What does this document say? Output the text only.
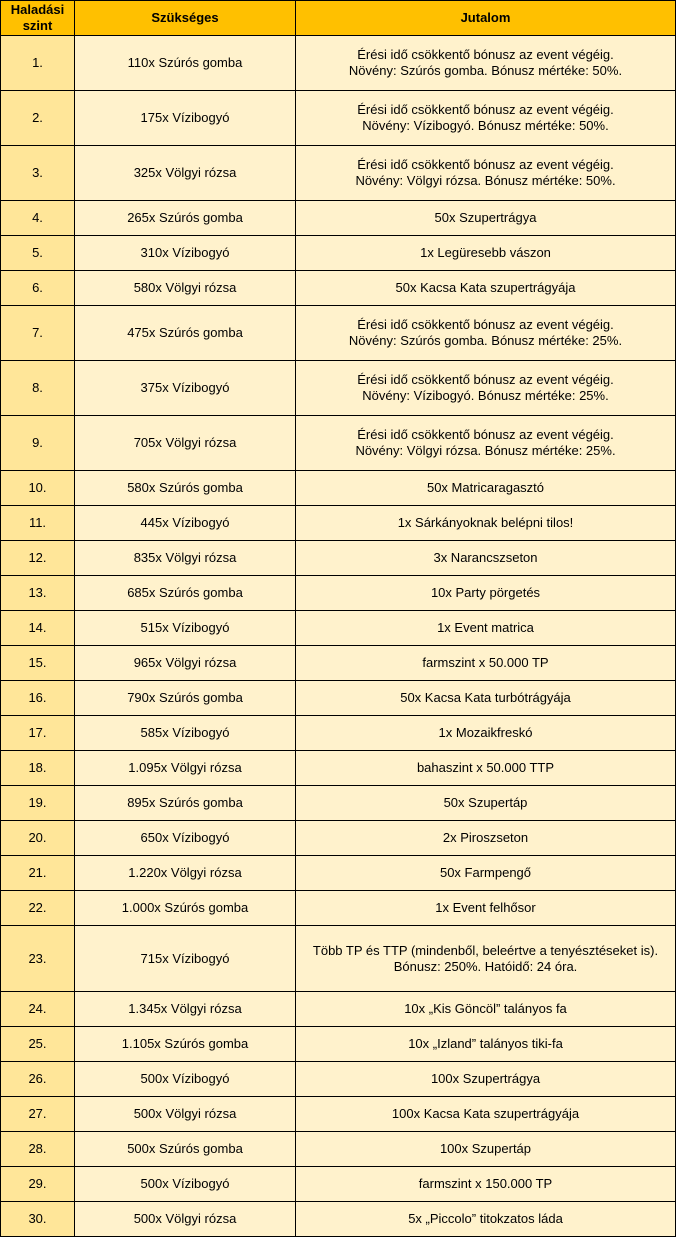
Haladási szint	Szükséges	Jutalom
1.	110x Szúrós gomba	Érési idő csökkentő bónusz az event végéig.
Növény: Szúrós gomba. Bónusz mértéke: 50%.

2.	175x Vízibogyó	Érési idő csökkentő bónusz az event végéig.
Növény: Vízibogyó. Bónusz mértéke: 50%.

3.	325x Völgyi rózsa	Érési idő csökkentő bónusz az event végéig.
Növény: Völgyi rózsa. Bónusz mértéke: 50%.

4.	265x Szúrós gomba	50x Szupertrágya

5.	310x Vízibogyó	1x Legüresebb vászon

6.	580x Völgyi rózsa	50x Kacsa Kata szupertrágyája

7.	475x Szúrós gomba	Érési idő csökkentő bónusz az event végéig.
Növény: Szúrós gomba. Bónusz mértéke: 25%.

8.	375x Vízibogyó	Érési idő csökkentő bónusz az event végéig.
Növény: Vízibogyó. Bónusz mértéke: 25%.

9.	705x Völgyi rózsa	Érési idő csökkentő bónusz az event végéig.
Növény: Völgyi rózsa. Bónusz mértéke: 25%.

10.	580x Szúrós gomba	50x Matricaragasztó

11.	445x Vízibogyó	1x Sárkányoknak belépni tilos!

12.	835x Völgyi rózsa	3x Narancszseton

13.	685x Szúrós gomba	10x Party pörgetés

14.	515x Vízibogyó	1x Event matrica

15.	965x Völgyi rózsa	farmszint x 50.000 TP

16.	790x Szúrós gomba	50x Kacsa Kata turbótrágyája

17.	585x Vízibogyó	1x Mozaikfreskó

18.	1.095x Völgyi rózsa	bahaszint x 50.000 TTP

19.	895x Szúrós gomba	50x Szupertáp

20.	650x Vízibogyó	2x Piroszseton

21.	1.220x Völgyi rózsa	50x Farmpengő

22.	1.000x Szúrós gomba	1x Event felhősor

23.	715x Vízibogyó	Több TP és TTP (mindenből, beleértve a tenyésztéseket is).
Bónusz: 250%. Hatóidő: 24 óra.

24.	1.345x Völgyi rózsa	10x „Kis Göncöl” talányos fa

25.	1.105x Szúrós gomba	10x „Izland” talányos tiki-fa

26.	500x Vízibogyó	100x Szupertrágya

27.	500x Völgyi rózsa	100x Kacsa Kata szupertrágyája

28.	500x Szúrós gomba	100x Szupertáp

29.	500x Vízibogyó	farmszint x 150.000 TP

30.	500x Völgyi rózsa	5x „Piccolo” titokzatos láda
